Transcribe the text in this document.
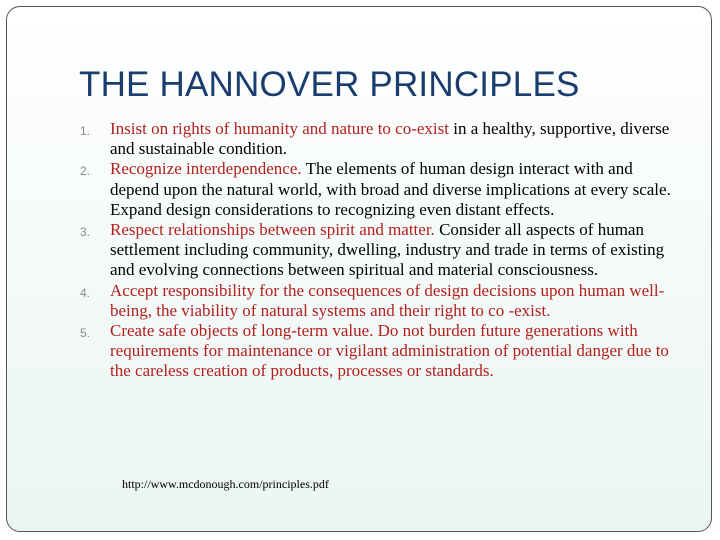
THE HANNOVER PRINCIPLES
1. Insist on rights of humanity and nature to co-exist in a healthy, supportive, diverse and sustainable condition.
2. Recognize interdependence. The elements of human design interact with and depend upon the natural world, with broad and diverse implications at every scale. Expand design considerations to recognizing even distant effects.
3. Respect relationships between spirit and matter. Consider all aspects of human settlement including community, dwelling, industry and trade in terms of existing and evolving connections between spiritual and material consciousness.
4. Accept responsibility for the consequences of design decisions upon human well-being, the viability of natural systems and their right to co -exist.
5. Create safe objects of long-term value. Do not burden future generations with requirements for maintenance or vigilant administration of potential danger due to the careless creation of products, processes or standards.
http://www.mcdonough.com/principles.pdf
